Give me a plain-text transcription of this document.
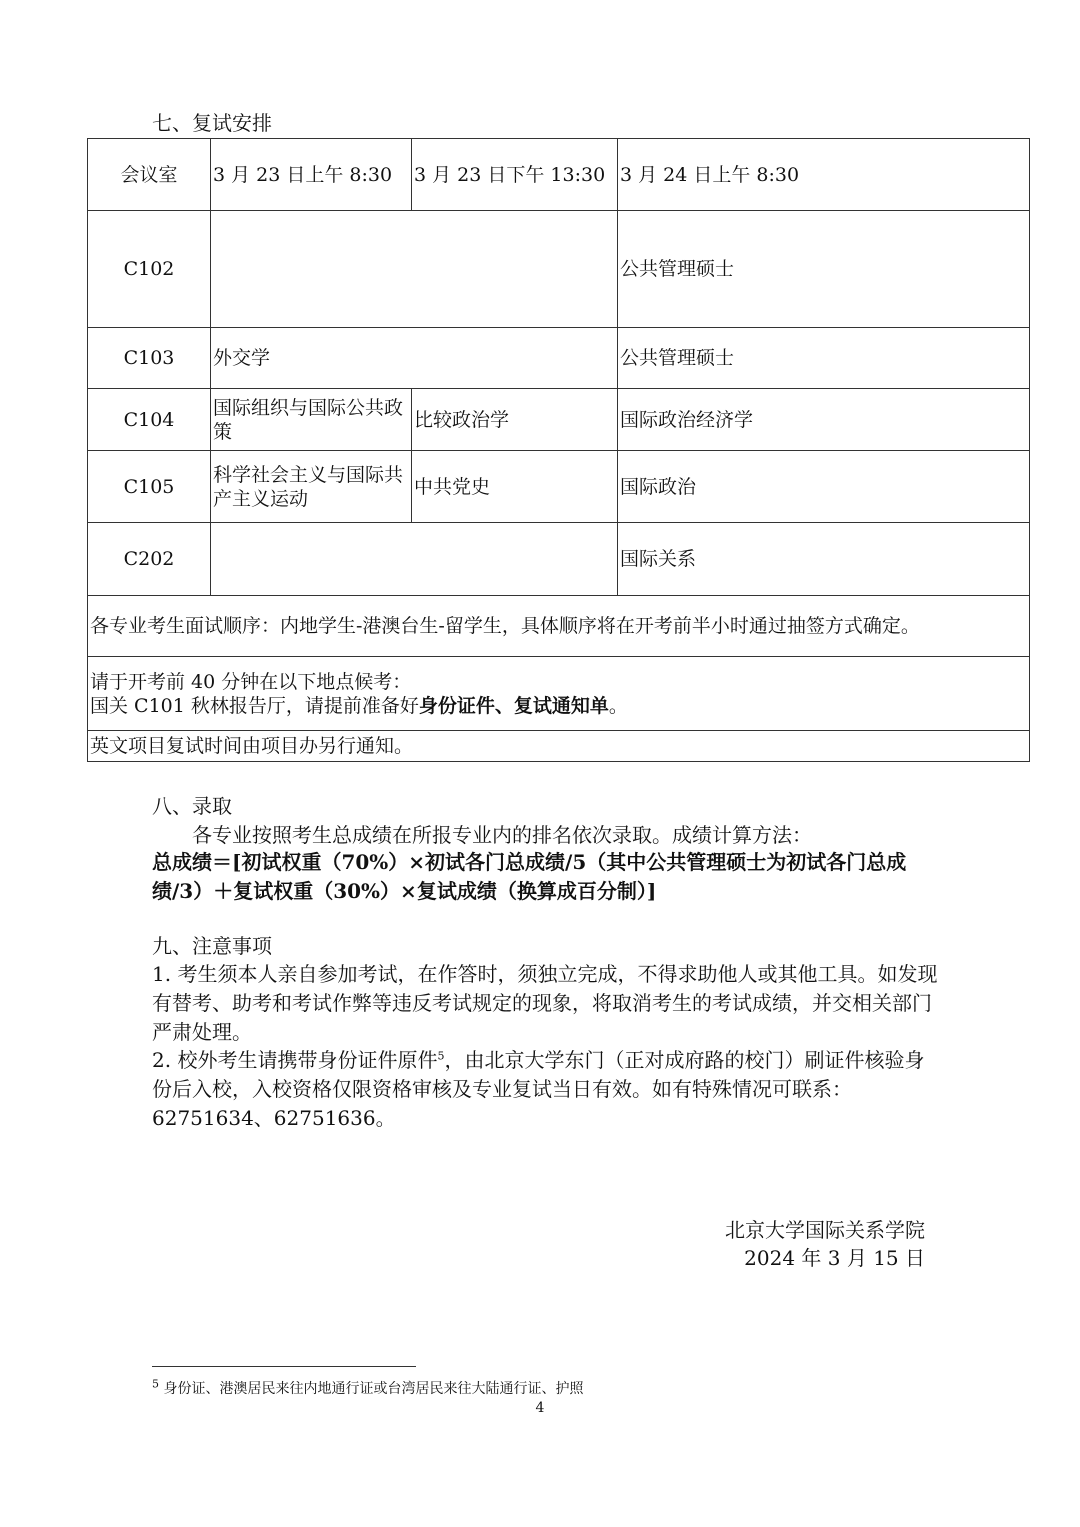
七、复试安排
会议室	3 月 23 日上午 8:30	3 月 23 日下午 13:30	3 月 24 日上午 8:30
C102			公共管理硕士
C103	外交学		公共管理硕士
C104	国际组织与国际公共政策	比较政治学	国际政治经济学
C105	科学社会主义与国际共产主义运动	中共党史	国际政治
C202			国际关系
各专业考生面试顺序：内地学生-港澳台生-留学生，具体顺序将在开考前半小时通过抽签方式确定。			

请于开考前 40 分钟在以下地点候考：
国关 C101 秋林报告厅，请提前准备好身份证件、复试通知单。			

英文项目复试时间由项目办另行通知。			
八、录取
各专业按照考生总成绩在所报专业内的排名依次录取。成绩计算方法：
总成绩＝[初试权重（70%）×初试各门总成绩/5（其中公共管理硕士为初试各门总成绩/3）＋复试权重（30%）×复试成绩（换算成百分制）]
九、注意事项
1. 考生须本人亲自参加考试，在作答时，须独立完成，不得求助他人或其他工具。如发现有替考、助考和考试作弊等违反考试规定的现象，将取消考生的考试成绩，并交相关部门严肃处理。
2. 校外考生请携带身份证件原件$^5$，由北京大学东门（正对成府路的校门）刷证件核验身份后入校，入校资格仅限资格审核及专业复试当日有效。如有特殊情况可联系：62751634、62751636。
北京大学国际关系学院
2024 年 3 月 15 日
$^5$ 身份证、港澳居民来往内地通行证或台湾居民来往大陆通行证、护照
4
